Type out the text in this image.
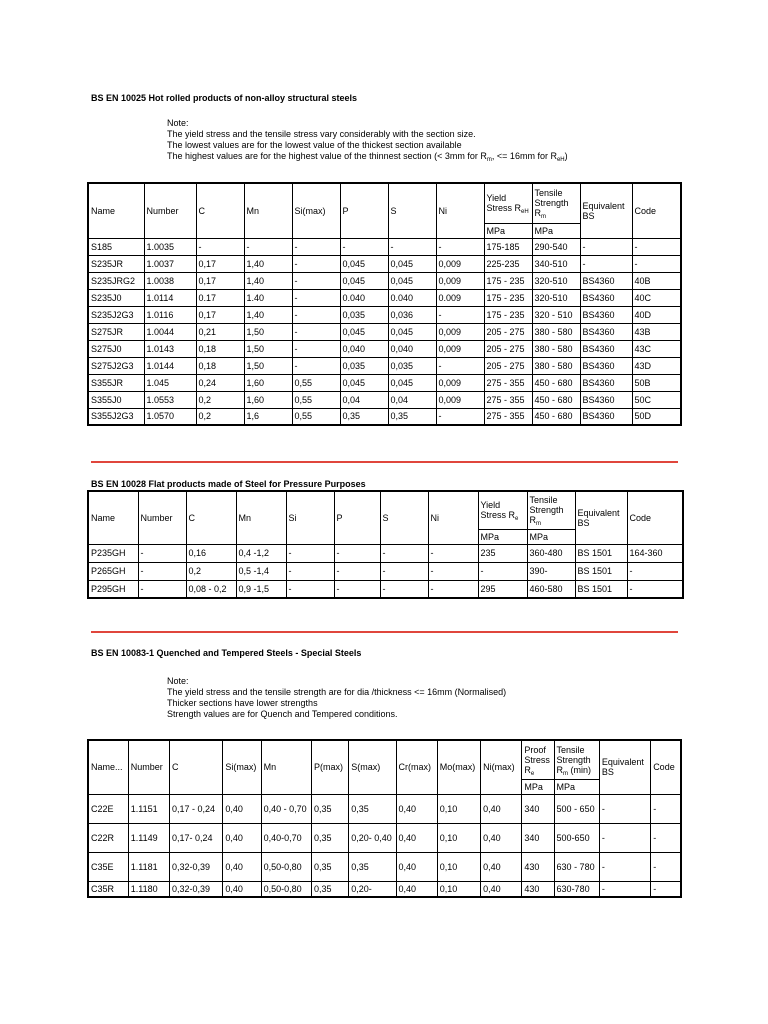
BS EN 10025 Hot rolled products of non-alloy structural steels
Note:
The yield stress and the tensile stress vary considerably with the section size.
The lowest values are for the lowest value of the thickest section available
The highest values are for the highest value of the thinnest section (< 3mm for $R_m$, <= 16mm for $R_{eH}$)
Name	Number	C	Mn	Si(max)	P	S	Ni	Yield Stress $R_{eH}$	Tensile Strength $R_m$	Equivalent BS	Code
								MPa	MPa		
S185	1.0035	-	-	-	-	-	-	175-185	290-540	-	-
S235JR	1.0037	0,17	1,40	-	0,045	0,045	0,009	225-235	340-510	-	-
S235JRG2	1.0038	0,17	1,40	-	0,045	0,045	0,009	175 - 235	320-510	BS4360	40B
S235J0	1.0114	0.17	1.40	-	0.040	0.040	0.009	175 - 235	320-510	BS4360	40C
S235J2G3	1.0116	0,17	1,40	-	0,035	0,036	-	175 - 235	320 - 510	BS4360	40D
S275JR	1.0044	0,21	1,50	-	0,045	0,045	0,009	205 - 275	380 - 580	BS4360	43B
S275J0	1.0143	0,18	1,50	-	0,040	0,040	0,009	205 - 275	380 - 580	BS4360	43C
S275J2G3	1.0144	0,18	1,50	-	0,035	0,035	-	205 - 275	380 - 580	BS4360	43D
S355JR	1.045	0,24	1,60	0,55	0,045	0,045	0,009	275 - 355	450 - 680	BS4360	50B
S355J0	1.0553	0,2	1,60	0,55	0,04	0,04	0,009	275 - 355	450 - 680	BS4360	50C
S355J2G3	1.0570	0,2	1,6	0,55	0,35	0,35	-	275 - 355	450 - 680	BS4360	50D
BS EN 10028 Flat products made of Steel for Pressure Purposes
Name	Number	C	Mn	Si	P	S	Ni	Yield Stress $R_e$	Tensile Strength $R_m$	Equivalent BS	Code
								MPa	MPa		
P235GH	-	0,16	0,4 -1,2	-	-	-	-	235	360-480	BS 1501	164-360
P265GH	-	0,2	0,5 -1,4	-	-	-	-	-	390-	BS 1501	-
P295GH	-	0,08 - 0,2	0,9 -1,5	-	-	-	-	295	460-580	BS 1501	-
BS EN 10083-1 Quenched and Tempered Steels - Special Steels
Note:
The yield stress and the tensile strength are for dia /thickness <= 16mm (Normalised)
Thicker sections have lower strengths
Strength values are for Quench and Tempered conditions.
Name...	Number	C	Si(max)	Mn	P(max)	S(max)	Cr(max)	Mo(max)	Ni(max)	Proof Stress $R_e$	Tensile Strength $R_m$ (min)	Equivalent BS	Code
										MPa	MPa		
C22E	1.1151	0,17 - 0,24	0,40	0,40 - 0,70	0,35	0,35	0,40	0,10	0,40	340	500 - 650	-	-
C22R	1.1149	0,17- 0,24	0,40	0,40-0,70	0,35	0,20- 0,40	0,40	0,10	0,40	340	500-650	-	-
C35E	1.1181	0,32-0,39	0,40	0,50-0,80	0,35	0,35	0,40	0,10	0,40	430	630 - 780	-	-
C35R	1.1180	0,32-0,39	0,40	0,50-0,80	0,35	0,20-	0,40	0,10	0,40	430	630-780	-	-
